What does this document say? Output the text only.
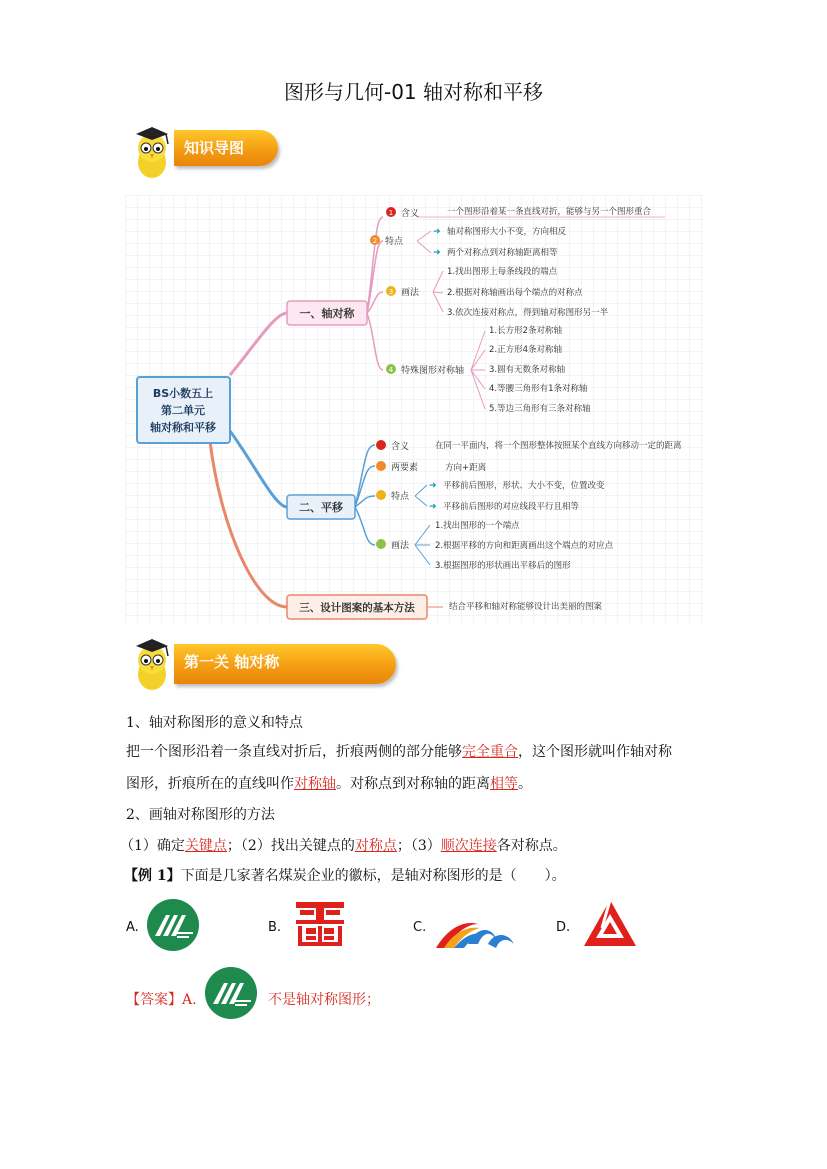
图形与几何-01 轴对称和平移
知识导图
BS小数五上
第二单元
轴对称和平移
一、轴对称
1 含义	一个图形沿着某一条直线对折，能够与另一个图形重合
2 特点
➜ 轴对称图形大小不变，方向相反
➜ 两个对称点到对称轴距离相等
3 画法
1.找出图形上每条线段的端点
2.根据对称轴画出每个端点的对称点
3.依次连接对称点，得到轴对称图形另一半
4 特殊图形对称轴
1.长方形2条对称轴
2.正方形4条对称轴
3.圆有无数条对称轴
4.等腰三角形有1条对称轴
5.等边三角形有三条对称轴
二、平移
含义	在同一平面内，将一个图形整体按照某个直线方向移动一定的距离
两要素	方向+距离
特点
➜ 平移前后图形，形状、大小不变，位置改变
➜ 平移前后图形的对应线段平行且相等
画法
1.找出图形的一个端点
2.根据平移的方向和距离画出这个端点的对应点
3.根据图形的形状画出平移后的图形
三、设计图案的基本方法	结合平移和轴对称能够设计出美丽的图案
第一关 轴对称
1、轴对称图形的意义和特点
把一个图形沿着一条直线对折后，折痕两侧的部分能够完全重合，这个图形就叫作轴对称
图形，折痕所在的直线叫作对称轴。对称点到对称轴的距离相等。
2、画轴对称图形的方法
（1）确定关键点；（2）找出关键点的对称点；（3）顺次连接各对称点。
【例 1】下面是几家著名煤炭企业的徽标，是轴对称图形的是（　　）。
A.	B.	C.	D.
【答案】A.	不是轴对称图形；
